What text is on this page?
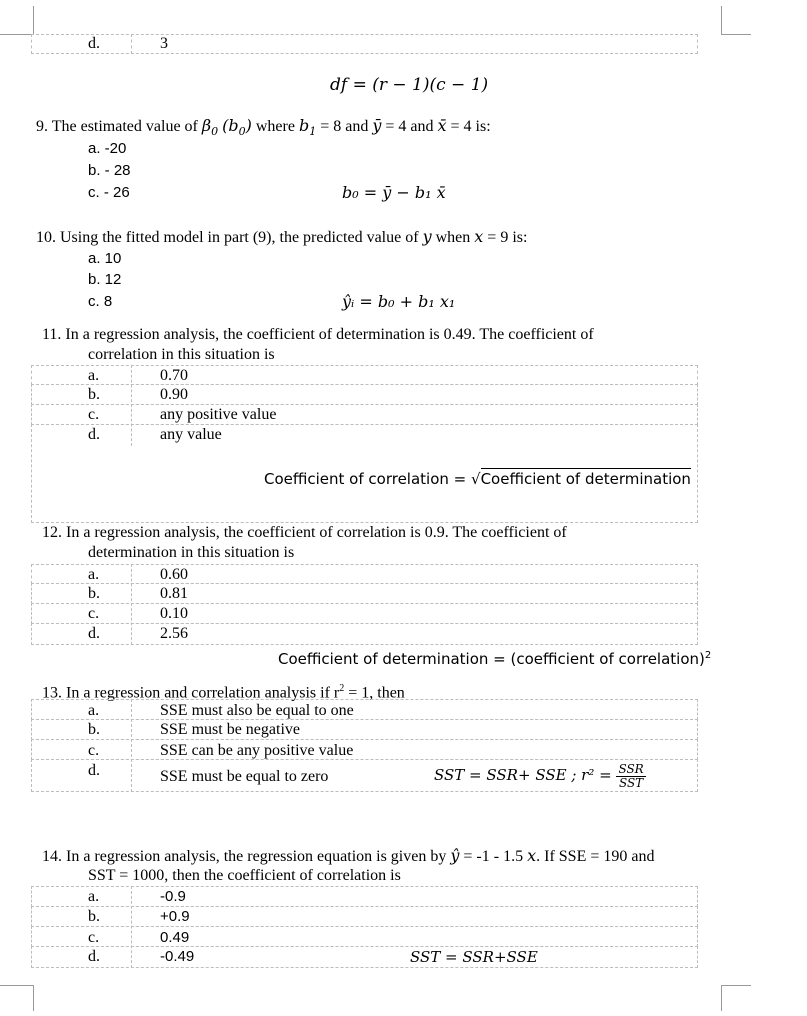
d.	3
df = (r − 1)(c − 1)
9. The estimated value of $\beta_0$ $(b_0)$ where $b_1 = 8$ and ȳ = 4 and x̄ = 4 is:
a. -20
b. - 28
c. - 26	b₀ = ȳ − b₁ x̄
10. Using the fitted model in part (9), the predicted value of y when x = 9 is:
a. 10
b. 12
c. 8	ŷᵢ = b₀ + b₁ x₁
11. In a regression analysis, the coefficient of determination is 0.49. The coefficient of
correlation in this situation is
a.	0.70
b.	0.90
c.	any positive value
d.	any value
Coefficient of correlation = √Coefficient of determination
12. In a regression analysis, the coefficient of correlation is 0.9. The coefficient of
determination in this situation is
a.	0.60
b.	0.81
c.	0.10
d.	2.56
Coefficient of determination = (coefficient of correlation)$^2$
13. In a regression and correlation analysis if $r^2 = 1$, then
a.	SSE must also be equal to one
b.	SSE must be negative
c.	SSE can be any positive value
d.	SSE must be equal to zero	SST = SSR+ SSE ; $r^2 = \frac{\text{SSR}}{\text{SST}}$
14. In a regression analysis, the regression equation is given by ŷ = -1 - 1.5 x. If SSE = 190 and
SST = 1000, then the coefficient of correlation is
a.	-0.9
b.	+0.9
c.	0.49
d.	-0.49	SST = SSR+SSE
